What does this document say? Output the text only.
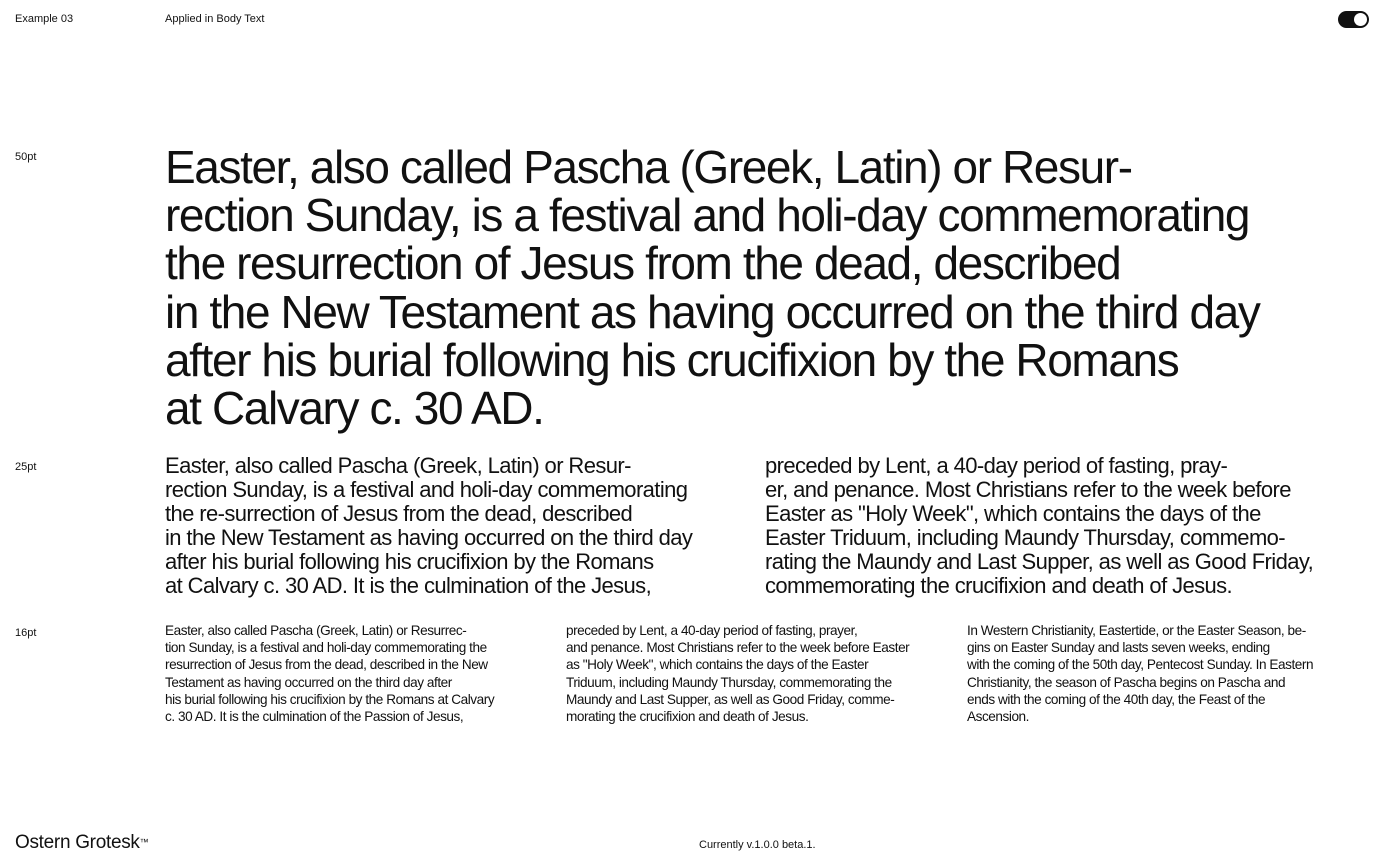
Example 03	Applied in Body Text
50pt	Easter, also called Pascha (Greek, Latin) or Resur-
rection Sunday, is a festival and holi-day commemorating
the resurrection of Jesus from the dead, described
in the New Testament as having occurred on the third day
after his burial following his crucifixion by the Romans
at Calvary c. 30 AD.
25pt	Easter, also called Pascha (Greek, Latin) or Resur-
rection Sunday, is a festival and holi-day commemorating
the re-surrection of Jesus from the dead, described
in the New Testament as having occurred on the third day
after his burial following his crucifixion by the Romans
at Calvary c. 30 AD. It is the culmination of the Jesus,
preceded by Lent, a 40-day period of fasting, pray-
er, and penance. Most Christians refer to the week before
Easter as "Holy Week", which contains the days of the
Easter Triduum, including Maundy Thursday, commemo-
rating the Maundy and Last Supper, as well as Good Friday,
commemorating the crucifixion and death of Jesus.
16pt	Easter, also called Pascha (Greek, Latin) or Resurrec-
tion Sunday, is a festival and holi-day commemorating the
resurrection of Jesus from the dead, described in the New
Testament as having occurred on the third day after
his burial following his crucifixion by the Romans at Calvary
c. 30 AD. It is the culmination of the Passion of Jesus,
preceded by Lent, a 40-day period of fasting, prayer,
and penance. Most Christians refer to the week before Easter
as "Holy Week", which contains the days of the Easter
Triduum, including Maundy Thursday, commemorating the
Maundy and Last Supper, as well as Good Friday, comme-
morating the crucifixion and death of Jesus.
In Western Christianity, Eastertide, or the Easter Season, be-
gins on Easter Sunday and lasts seven weeks, ending
with the coming of the 50th day, Pentecost Sunday. In Eastern
Christianity, the season of Pascha begins on Pascha and
ends with the coming of the 40th day, the Feast of the
Ascension.
Ostern Grotesk™	Currently v.1.0.0 beta.1.
